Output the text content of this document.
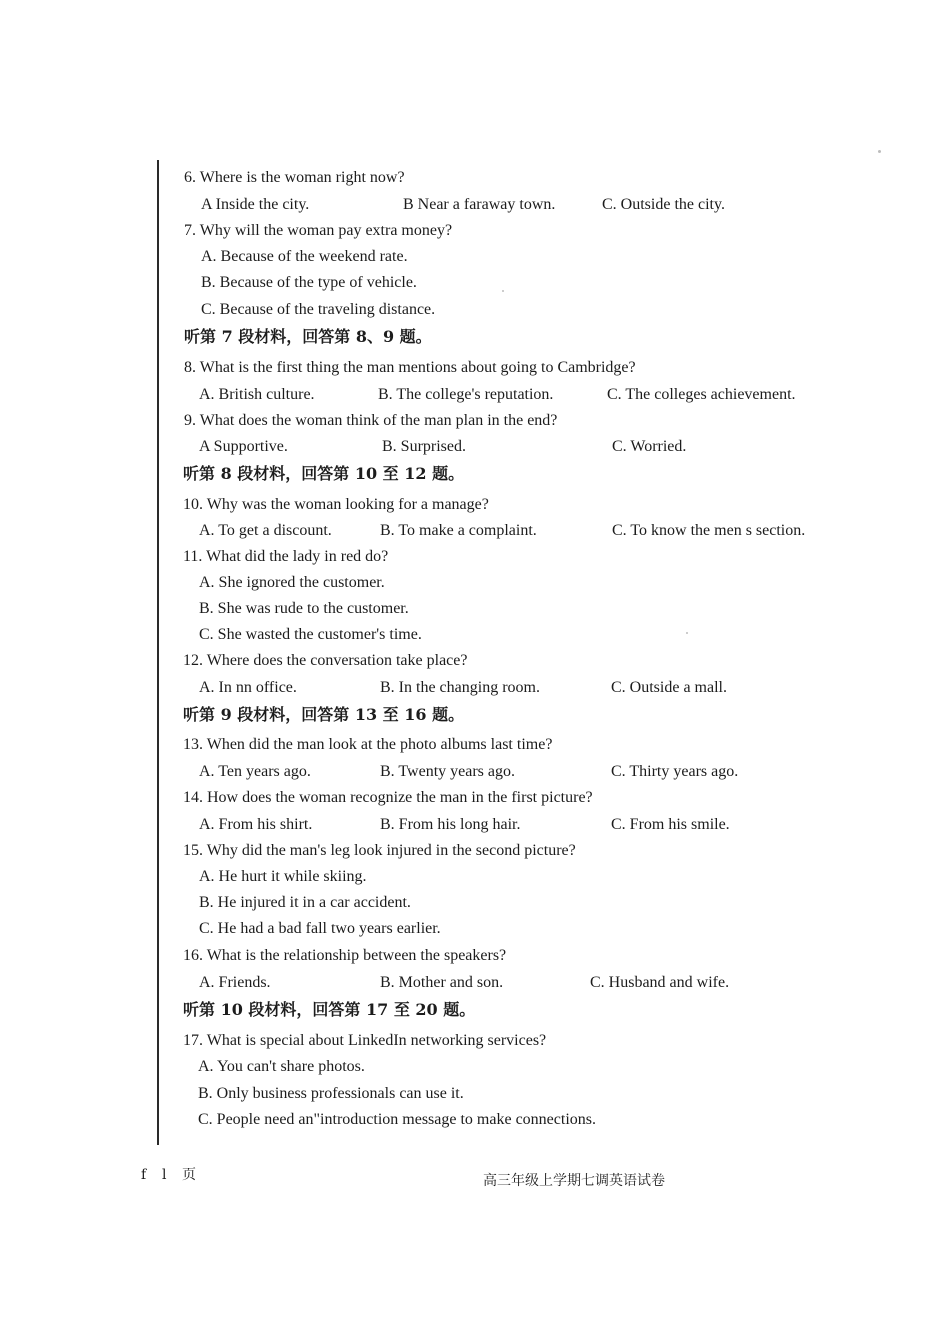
6. Where is the woman right now?
A Inside the city.	B Near a faraway town.	C. Outside the city.
7. Why will the woman pay extra money?
A. Because of the weekend rate.
B. Because of the type of vehicle.
C. Because of the traveling distance.
听第 7 段材料，回答第 8、9 题。
8. What is the first thing the man mentions about going to Cambridge?
A. British culture.	B. The college's reputation.	C. The colleges achievement.
9. What does the woman think of the man plan in the end?
A Supportive.	B. Surprised.	C. Worried.
听第 8 段材料，回答第 10 至 12 题。
10. Why was the woman looking for a manage?
A. To get a discount.	B. To make a complaint.	C. To know the men s section.
11. What did the lady in red do?
A. She ignored the customer.
B. She was rude to the customer.
C. She wasted the customer's time.
12. Where does the conversation take place?
A. In nn office.	B. In the changing room.	C. Outside a mall.
听第 9 段材料，回答第 13 至 16 题。
13. When did the man look at the photo albums last time?
A. Ten years ago.	B. Twenty years ago.	C. Thirty years ago.
14. How does the woman recognize the man in the first picture?
A. From his shirt.	B. From his long hair.	C. From his smile.
15. Why did the man's leg look injured in the second picture?
A. He hurt it while skiing.
B. He injured it in a car accident.
C. He had a bad fall two years earlier.
16. What is the relationship between the speakers?
A. Friends.	B. Mother and son.	C. Husband and wife.
听第 10 段材料，回答第 17 至 20 题。
17. What is special about LinkedIn networking services?
A. You can't share photos.
B. Only business professionals can use it.
C. People need an"introduction message to make connections.
f l 页	高三年级上学期七调英语试卷
